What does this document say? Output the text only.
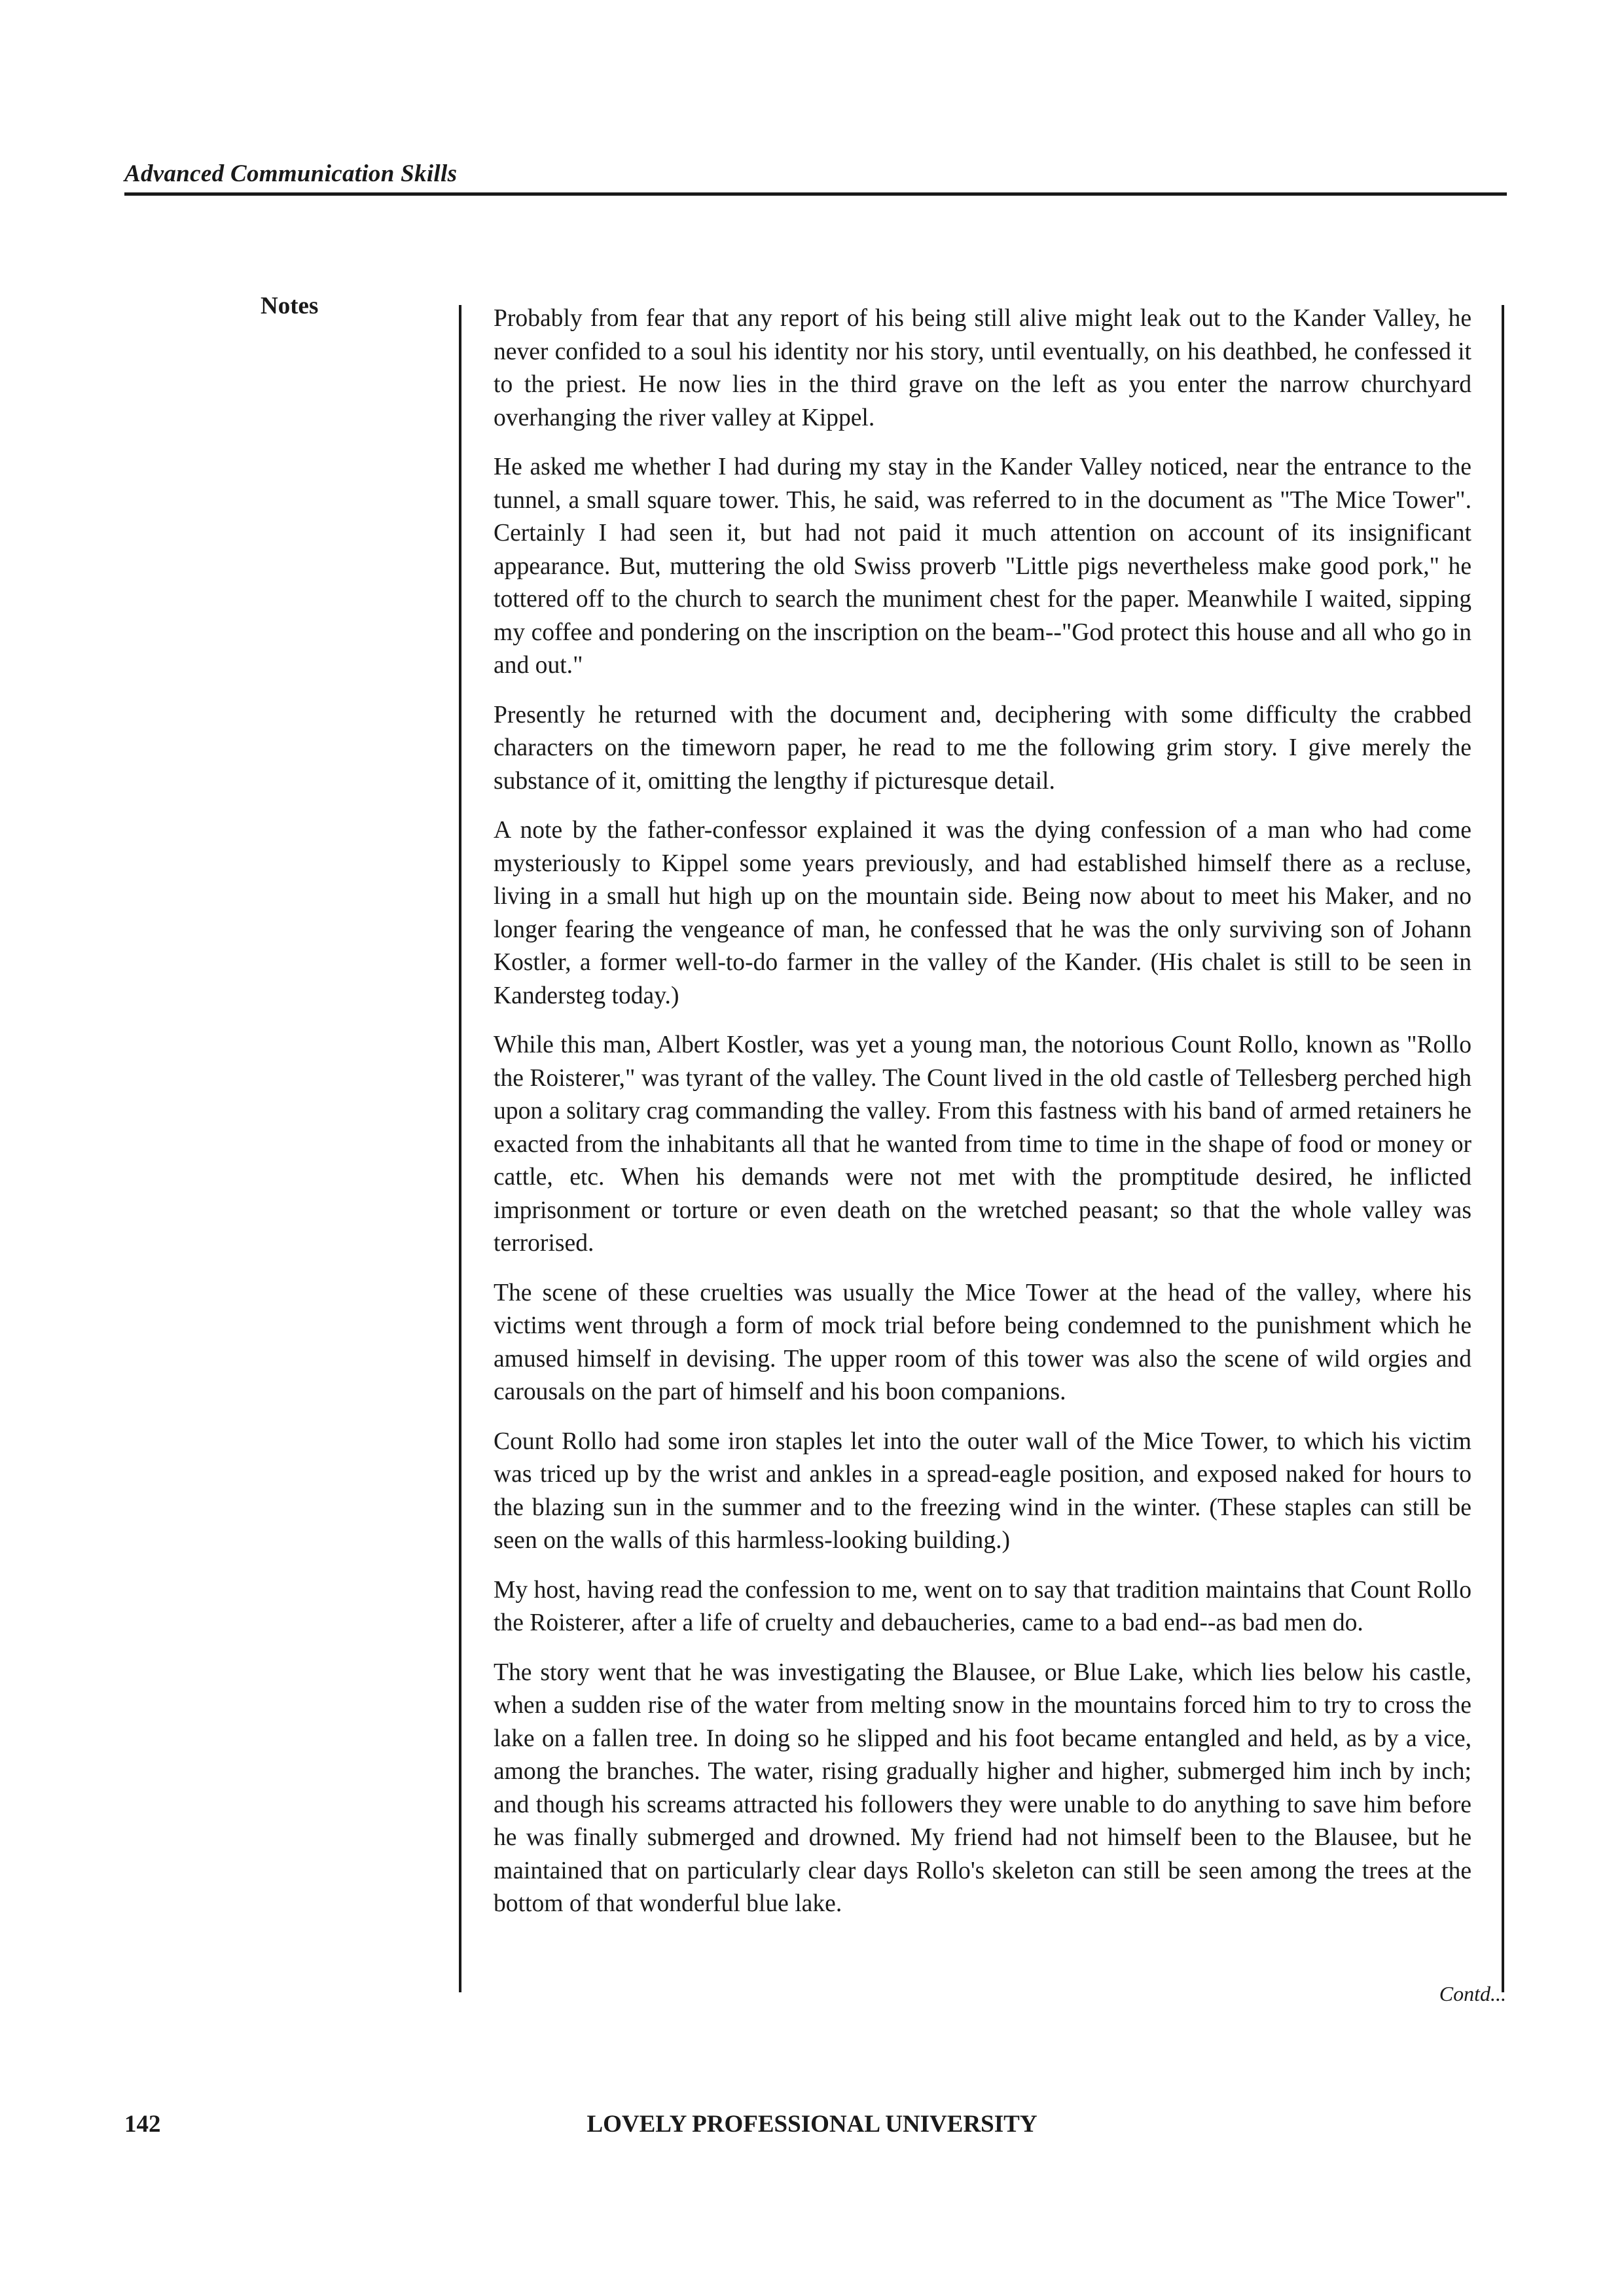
Advanced Communication Skills
Notes	Probably from fear that any report of his being still alive might leak out to the Kander Valley, he never confided to a soul his identity nor his story, until eventually, on his deathbed, he confessed it to the priest. He now lies in the third grave on the left as you enter the narrow churchyard overhanging the river valley at Kippel.

He asked me whether I had during my stay in the Kander Valley noticed, near the entrance to the tunnel, a small square tower. This, he said, was referred to in the document as "The Mice Tower". Certainly I had seen it, but had not paid it much attention on account of its insignificant appearance. But, muttering the old Swiss proverb "Little pigs nevertheless make good pork," he tottered off to the church to search the muniment chest for the paper. Meanwhile I waited, sipping my coffee and pondering on the inscription on the beam--"God protect this house and all who go in and out."

Presently he returned with the document and, deciphering with some difficulty the crabbed characters on the timeworn paper, he read to me the following grim story. I give merely the substance of it, omitting the lengthy if picturesque detail.

A note by the father-confessor explained it was the dying confession of a man who had come mysteriously to Kippel some years previously, and had established himself there as a recluse, living in a small hut high up on the mountain side. Being now about to meet his Maker, and no longer fearing the vengeance of man, he confessed that he was the only surviving son of Johann Kostler, a former well-to-do farmer in the valley of the Kander. (His chalet is still to be seen in Kandersteg today.)

While this man, Albert Kostler, was yet a young man, the notorious Count Rollo, known as "Rollo the Roisterer," was tyrant of the valley. The Count lived in the old castle of Tellesberg perched high upon a solitary crag commanding the valley. From this fastness with his band of armed retainers he exacted from the inhabitants all that he wanted from time to time in the shape of food or money or cattle, etc. When his demands were not met with the promptitude desired, he inflicted imprisonment or torture or even death on the wretched peasant; so that the whole valley was terrorised.

The scene of these cruelties was usually the Mice Tower at the head of the valley, where his victims went through a form of mock trial before being condemned to the punishment which he amused himself in devising. The upper room of this tower was also the scene of wild orgies and carousals on the part of himself and his boon companions.

Count Rollo had some iron staples let into the outer wall of the Mice Tower, to which his victim was triced up by the wrist and ankles in a spread-eagle position, and exposed naked for hours to the blazing sun in the summer and to the freezing wind in the winter. (These staples can still be seen on the walls of this harmless-looking building.)

My host, having read the confession to me, went on to say that tradition maintains that Count Rollo the Roisterer, after a life of cruelty and debaucheries, came to a bad end--as bad men do.

The story went that he was investigating the Blausee, or Blue Lake, which lies below his castle, when a sudden rise of the water from melting snow in the mountains forced him to try to cross the lake on a fallen tree. In doing so he slipped and his foot became entangled and held, as by a vice, among the branches. The water, rising gradually higher and higher, submerged him inch by inch; and though his screams attracted his followers they were unable to do anything to save him before he was finally submerged and drowned. My friend had not himself been to the Blausee, but he maintained that on particularly clear days Rollo's skeleton can still be seen among the trees at the bottom of that wonderful blue lake.

Contd...
142	LOVELY PROFESSIONAL UNIVERSITY
